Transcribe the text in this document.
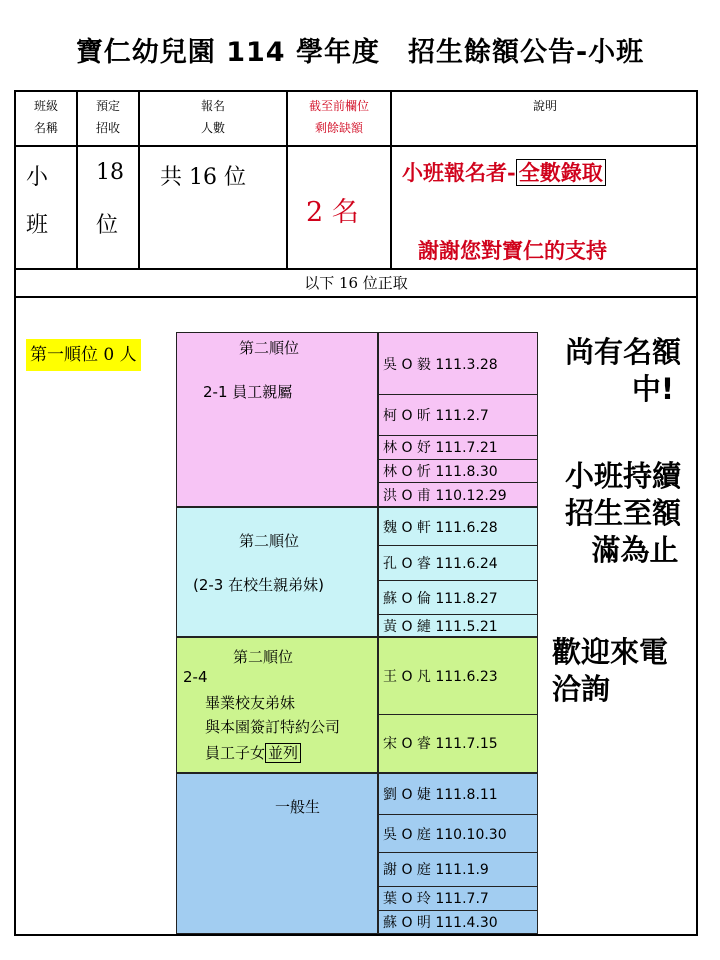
寶仁幼兒園 114 學年度　招生餘額公告-小班
班級
名稱
預定
招收
報名
人數
截至前欄位
剩餘缺額
說明
小
班
18
位
共 16 位
2 名
小班報名者- 全數錄取
謝謝您對寶仁的支持
以下 16 位正取
第一順位 0 人	第二順位
2-1 員工親屬
吳 O 毅 111.3.28
柯 O 昕 111.2.7
林 O 妤 111.7.21
林 O 忻 111.8.30
洪 O 甫 110.12.29
第二順位
(2-3 在校生親弟妹)
魏 O 軒 111.6.28
孔 O 睿 111.6.24
蘇 O 倫 111.8.27
黃 O 縺 111.5.21
第二順位
2-4
畢業校友弟妹
與本園簽訂特約公司
員工子女 並列
王 O 凡 111.6.23
宋 O 睿 111.7.15
一般生
劉 O 婕 111.8.11
吳 O 庭 110.10.30
謝 O 庭 111.1.9
葉 O 玲 111.7.7
蘇 O 明 111.4.30
尚有名額
中!
小班持續
招生至額
滿為止
歡迎來電
洽詢
